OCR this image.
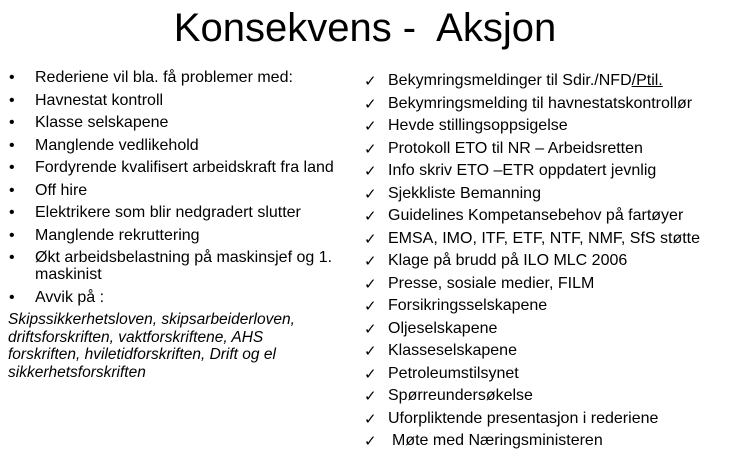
Konsekvens -  Aksjon
• Rederiene vil bla. få problemer med:
• Havnestat kontroll
• Klasse selskapene
• Manglende vedlikehold
• Fordyrende kvalifisert arbeidskraft fra land
• Off hire
• Elektrikere som blir nedgradert slutter
• Manglende rekruttering
• Økt arbeidsbelastning på maskinsjef og 1. maskinist
• Avvik på :
Skipssikkerhetsloven, skipsarbeiderloven, driftsforskriften, vaktforskriftene, AHS forskriften, hviletidforskriften, Drift og el sikkerhetsforskriften
✓ Bekymringsmeldinger til Sdir./NFD/Ptil.
✓ Bekymringsmelding til havnestatskontrollør
✓ Hevde stillingsoppsigelse
✓ Protokoll ETO til NR – Arbeidsretten
✓ Info skriv ETO –ETR oppdatert jevnlig
✓ Sjekkliste Bemanning
✓ Guidelines Kompetansebehov på fartøyer
✓ EMSA, IMO, ITF, ETF, NTF, NMF, SfS støtte
✓ Klage på brudd på ILO MLC 2006
✓ Presse, sosiale medier, FILM
✓ Forsikringsselskapene
✓ Oljeselskapene
✓ Klasseselskapene
✓ Petroleumstilsynet
✓ Spørreundersøkelse
✓ Uforpliktende presentasjon i rederiene
✓ Møte med Næringsministeren
